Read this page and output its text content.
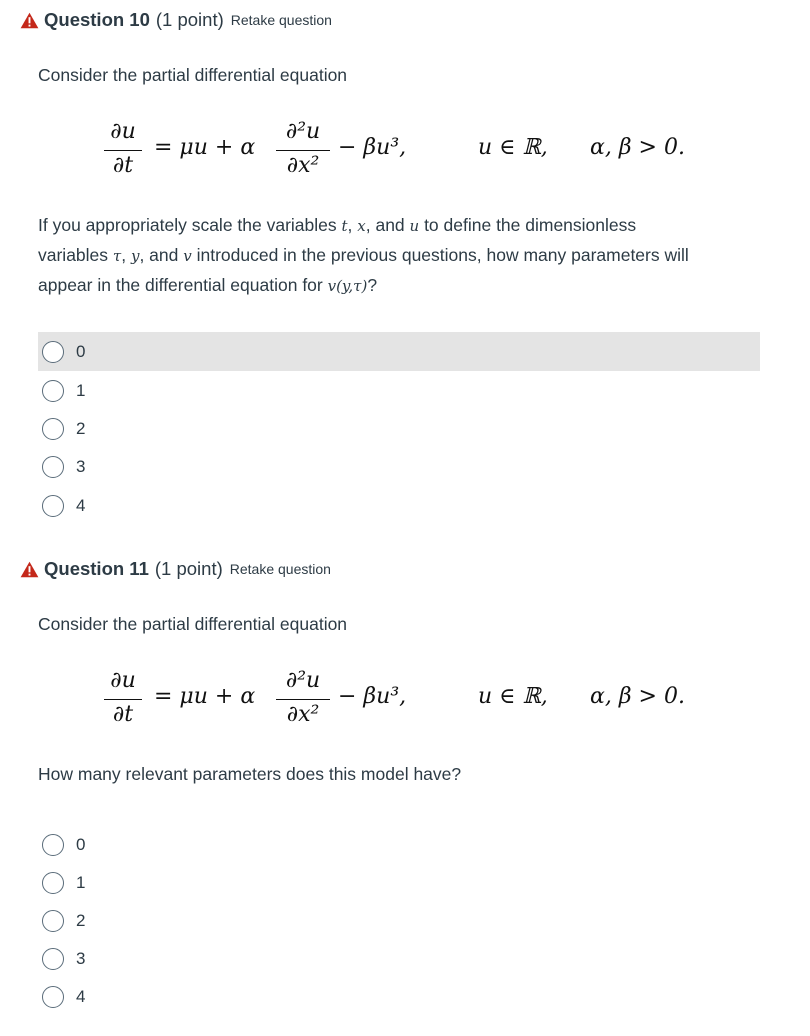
Question 10 (1 point) Retake question
Consider the partial differential equation
∂u
∂t
= μu + α
∂²u
∂x²
− βu³,	u ∈ ℝ, α, β > 0.
If you appropriately scale the variables t, x, and u to define the dimensionless
variables τ, y, and v introduced in the previous questions, how many parameters will
appear in the differential equation for v(y,τ)?
0
1
2
3
4
Question 11 (1 point) Retake question
Consider the partial differential equation
∂u
∂t
= μu + α
∂²u
∂x²
− βu³,	u ∈ ℝ, α, β > 0.
How many relevant parameters does this model have?
0
1
2
3
4
